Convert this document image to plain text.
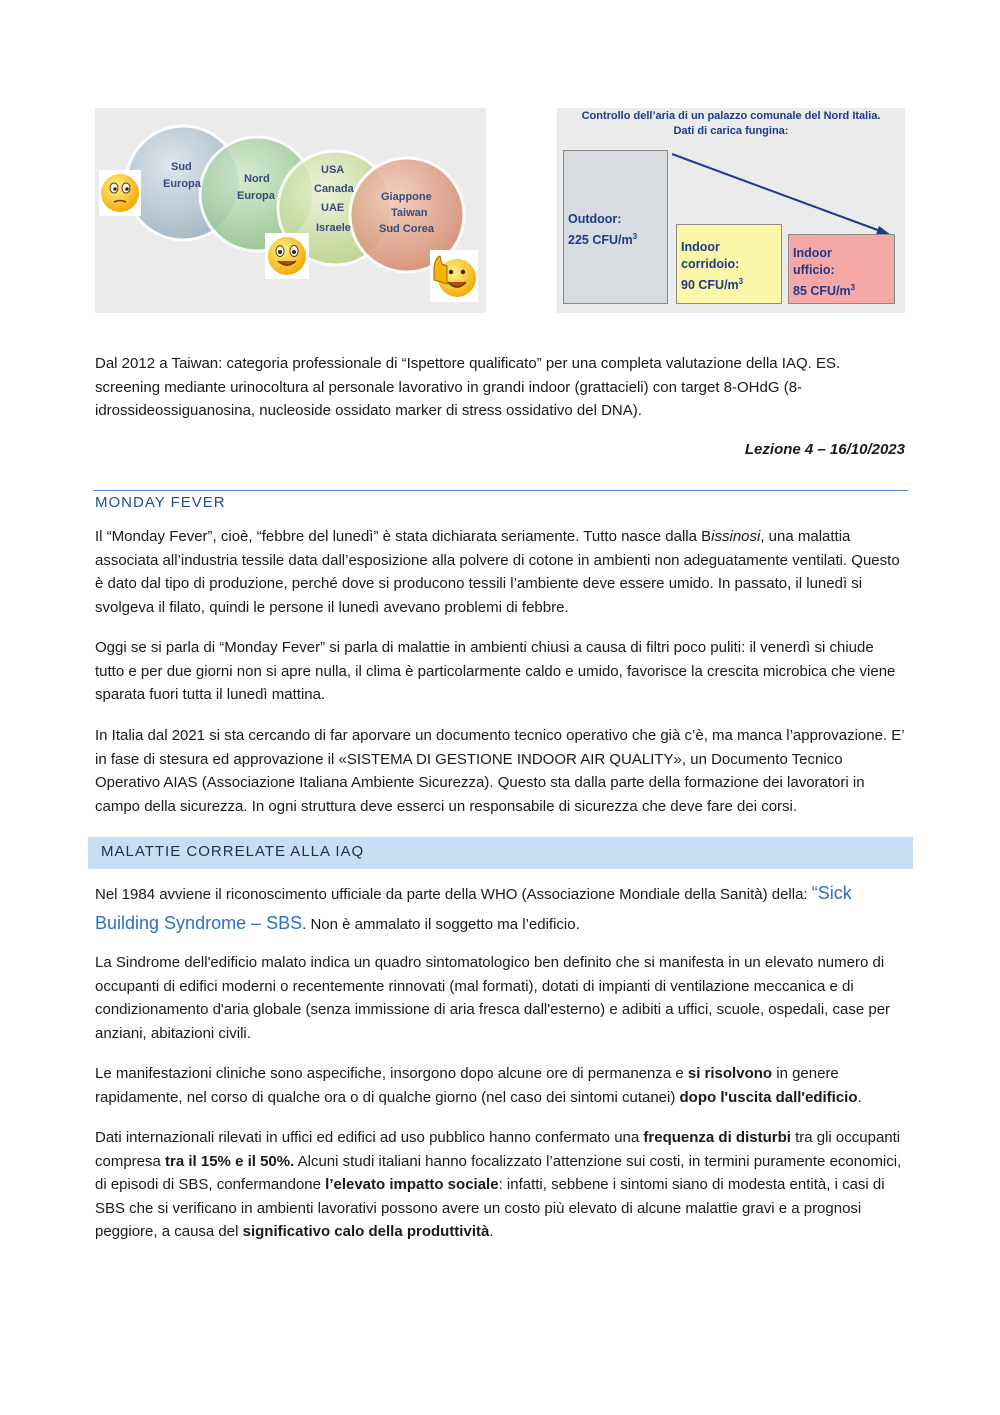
Sud
Europa	Nord
Europa
USA
Canada
UAE
Israele
Giappone
Taiwan
Sud Corea
Controllo dell’aria di un palazzo comunale del Nord Italia.
Dati di carica fungina:
Outdoor:
225 CFU/$m^3$
Indoor
corridoio:
90 CFU/$m^3$
Indoor
ufficio:
85 CFU/$m^3$

Dal 2012 a Taiwan: categoria professionale di “Ispettore qualificato” per una completa valutazione della IAQ. ES. screening mediante urinocoltura al personale lavorativo in grandi indoor (grattacieli) con target 8-OHdG (8-idrossideossiguanosina, nucleoside ossidato marker di stress ossidativo del DNA).

Lezione 4 – 16/10/2023
MONDAY FEVER

Il “Monday Fever”, cioè, “febbre del lunedì” è stata dichiarata seriamente. Tutto nasce dalla Bissinosi, una malattia associata all’industria tessile data dall’esposizione alla polvere di cotone in ambienti non adeguatamente ventilati. Questo è dato dal tipo di produzione, perché dove si producono tessili l’ambiente deve essere umido. In passato, il lunedì si svolgeva il filato, quindi le persone il lunedì avevano problemi di febbre.

Oggi se si parla di “Monday Fever” si parla di malattie in ambienti chiusi a causa di filtri poco puliti: il venerdì si chiude tutto e per due giorni non si apre nulla, il clima è particolarmente caldo e umido, favorisce la crescita microbica che viene sparata fuori tutta il lunedì mattina.

In Italia dal 2021 si sta cercando di far aporvare un documento tecnico operativo che già c’è, ma manca l’approvazione. E’ in fase di stesura ed approvazione il «SISTEMA DI GESTIONE INDOOR AIR QUALITY», un Documento Tecnico Operativo AIAS (Associazione Italiana Ambiente Sicurezza). Questo sta dalla parte della formazione dei lavoratori in campo della sicurezza. In ogni struttura deve esserci un responsabile di sicurezza che deve fare dei corsi.

MALATTIE CORRELATE ALLA IAQ

Nel 1984 avviene il riconoscimento ufficiale da parte della WHO (Associazione Mondiale della Sanità) della: “Sick Building Syndrome – SBS. Non è ammalato il soggetto ma l’edificio.

La Sindrome dell'edificio malato indica un quadro sintomatologico ben definito che si manifesta in un elevato numero di occupanti di edifici moderni o recentemente rinnovati (mal formati), dotati di impianti di ventilazione meccanica e di condizionamento d'aria globale (senza immissione di aria fresca dall'esterno) e adibiti a uffici, scuole, ospedali, case per anziani, abitazioni civili.

Le manifestazioni cliniche sono aspecifiche, insorgono dopo alcune ore di permanenza e si risolvono in genere rapidamente, nel corso di qualche ora o di qualche giorno (nel caso dei sintomi cutanei) dopo l'uscita dall'edificio.

Dati internazionali rilevati in uffici ed edifici ad uso pubblico hanno confermato una frequenza di disturbi tra gli occupanti compresa tra il 15% e il 50%. Alcuni studi italiani hanno focalizzato l’attenzione sui costi, in termini puramente economici, di episodi di SBS, confermandone l’elevato impatto sociale: infatti, sebbene i sintomi siano di modesta entità, i casi di SBS che si verificano in ambienti lavorativi possono avere un costo più elevato di alcune malattie gravi e a prognosi peggiore, a causa del significativo calo della produttività.
